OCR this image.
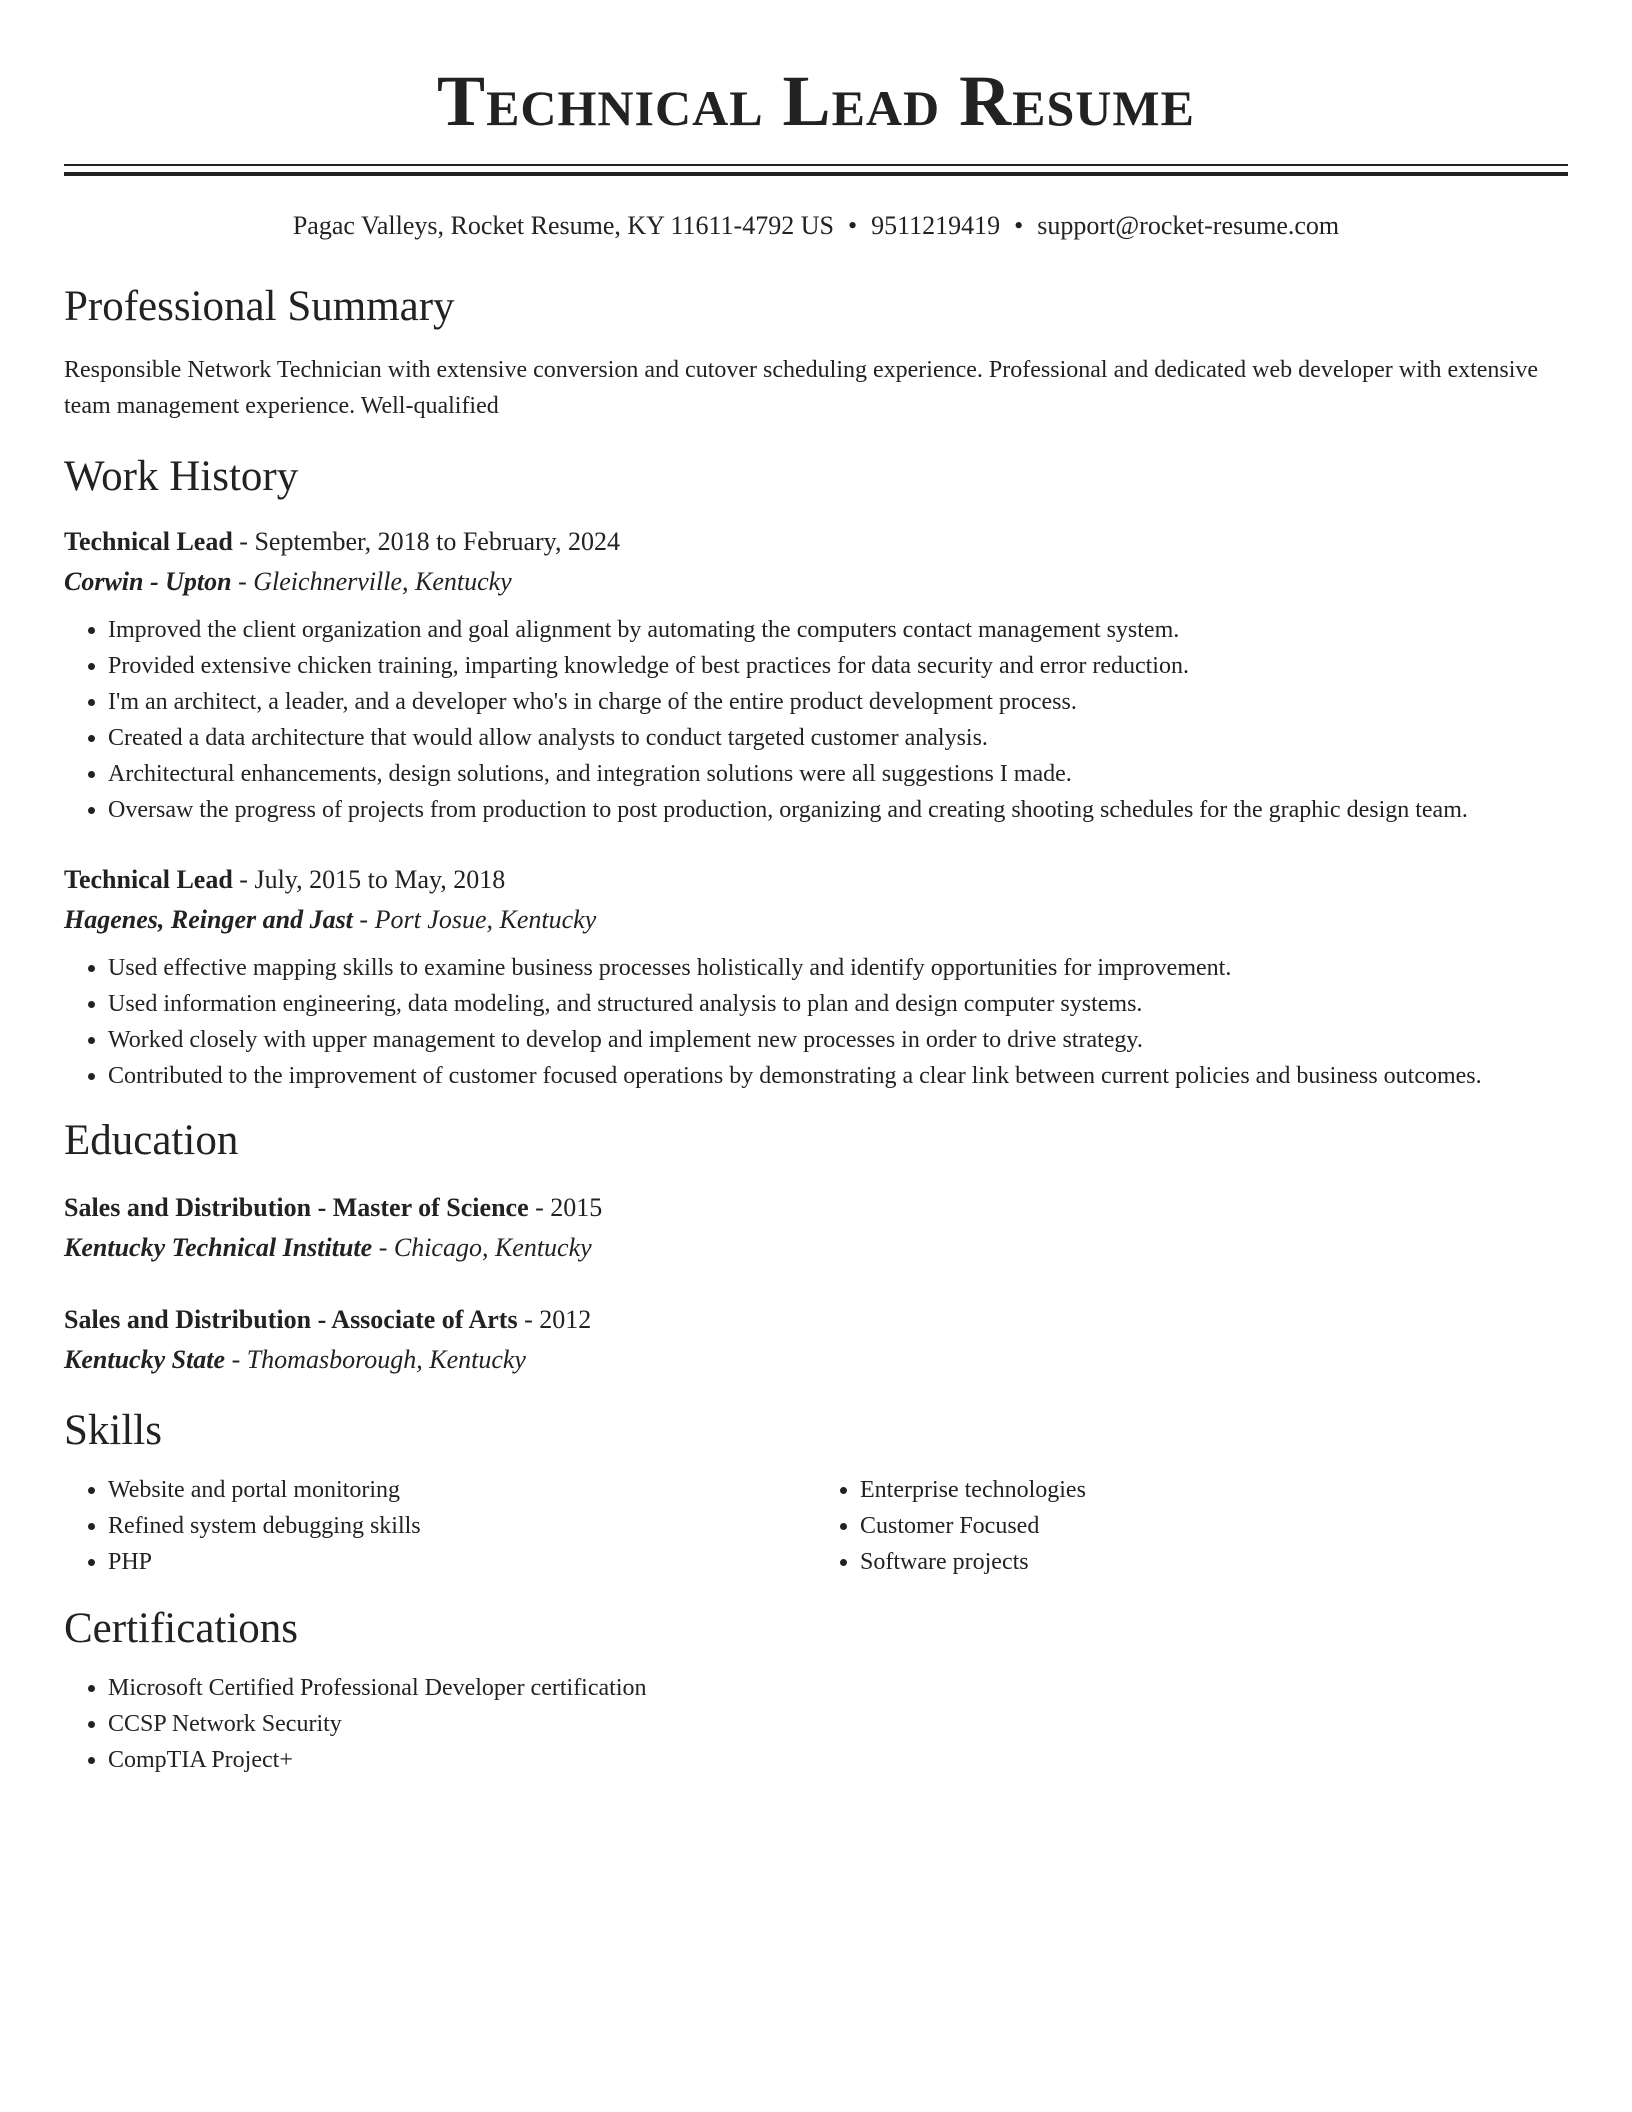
Technical Lead Resume
Pagac Valleys, Rocket Resume, KY 11611-4792 US • 9511219419 • support@rocket-resume.com
Professional Summary

Responsible Network Technician with extensive conversion and cutover scheduling experience. Professional and dedicated web developer with extensive team management experience. Well-qualified

Work History
Technical Lead - September, 2018 to February, 2024
Corwin - Upton - Gleichnerville, Kentucky
• Improved the client organization and goal alignment by automating the computers contact management system.
• Provided extensive chicken training, imparting knowledge of best practices for data security and error reduction.
• I'm an architect, a leader, and a developer who's in charge of the entire product development process.
• Created a data architecture that would allow analysts to conduct targeted customer analysis.
• Architectural enhancements, design solutions, and integration solutions were all suggestions I made.
• Oversaw the progress of projects from production to post production, organizing and creating shooting schedules for the graphic design team.
Technical Lead - July, 2015 to May, 2018
Hagenes, Reinger and Jast - Port Josue, Kentucky
• Used effective mapping skills to examine business processes holistically and identify opportunities for improvement.
• Used information engineering, data modeling, and structured analysis to plan and design computer systems.
• Worked closely with upper management to develop and implement new processes in order to drive strategy.
• Contributed to the improvement of customer focused operations by demonstrating a clear link between current policies and business outcomes.
Education
Sales and Distribution - Master of Science - 2015
Kentucky Technical Institute - Chicago, Kentucky
Sales and Distribution - Associate of Arts - 2012
Kentucky State - Thomasborough, Kentucky
Skills
• Website and portal monitoring
• Refined system debugging skills
• PHP
• Enterprise technologies
• Customer Focused
• Software projects
Certifications
• Microsoft Certified Professional Developer certification
• CCSP Network Security
• CompTIA Project+
